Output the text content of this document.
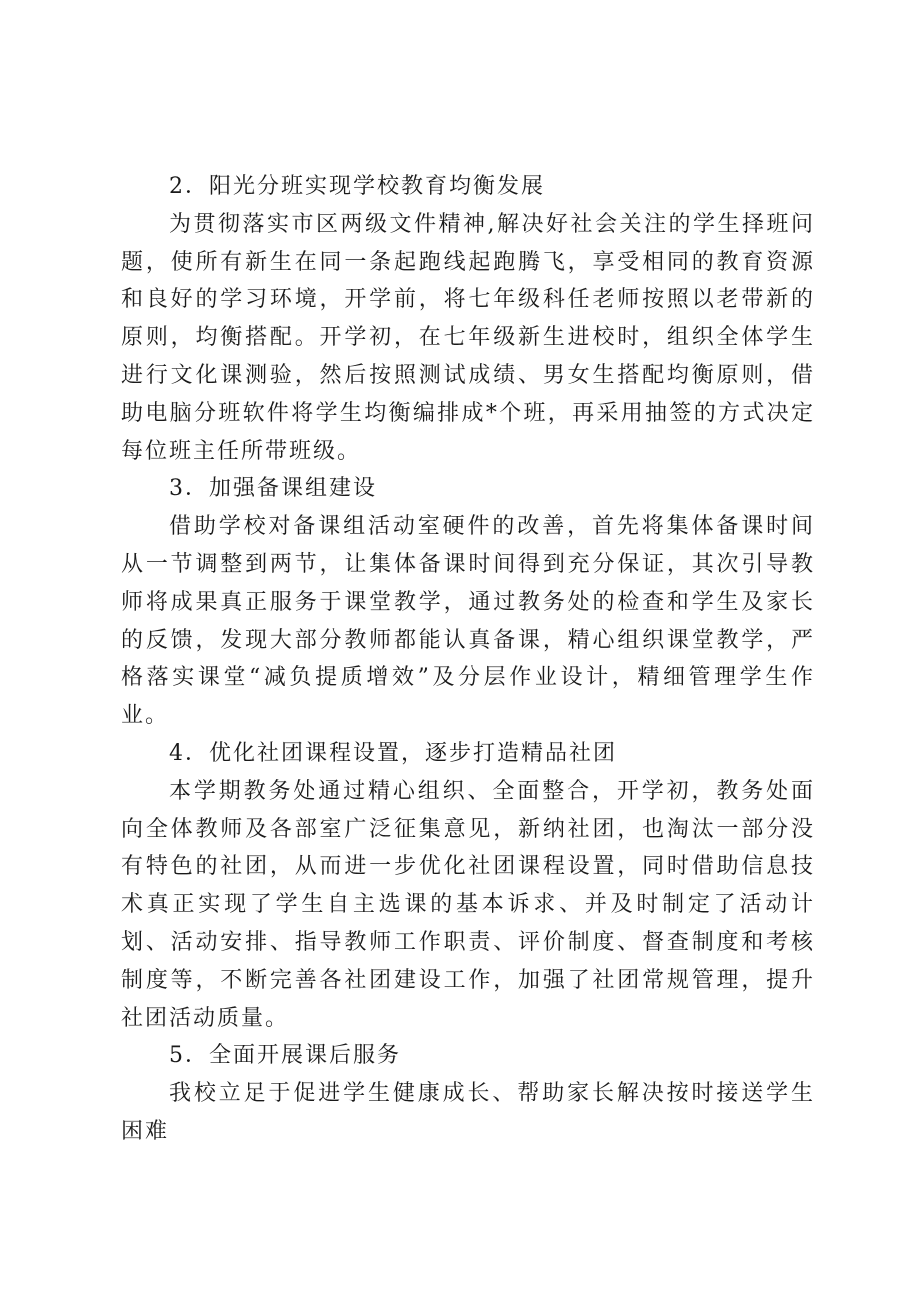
2．阳光分班实现学校教育均衡发展

为贯彻落实市区两级文件精神,解决好社会关注的学生择班问题，使所有新生在同一条起跑线起跑腾飞，享受相同的教育资源和良好的学习环境，开学前，将七年级科任老师按照以老带新的原则，均衡搭配。开学初，在七年级新生进校时，组织全体学生进行文化课测验，然后按照测试成绩、男女生搭配均衡原则，借助电脑分班软件将学生均衡编排成*个班，再采用抽签的方式决定每位班主任所带班级。

3．加强备课组建设

借助学校对备课组活动室硬件的改善，首先将集体备课时间从一节调整到两节，让集体备课时间得到充分保证，其次引导教师将成果真正服务于课堂教学，通过教务处的检查和学生及家长的反馈，发现大部分教师都能认真备课，精心组织课堂教学，严格落实课堂“减负提质增效”及分层作业设计，精细管理学生作业。

4．优化社团课程设置，逐步打造精品社团

本学期教务处通过精心组织、全面整合，开学初，教务处面向全体教师及各部室广泛征集意见，新纳社团，也淘汰一部分没有特色的社团，从而进一步优化社团课程设置，同时借助信息技术真正实现了学生自主选课的基本诉求、并及时制定了活动计划、活动安排、指导教师工作职责、评价制度、督查制度和考核制度等，不断完善各社团建设工作，加强了社团常规管理，提升社团活动质量。

5．全面开展课后服务

我校立足于促进学生健康成长、帮助家长解决按时接送学生困难
